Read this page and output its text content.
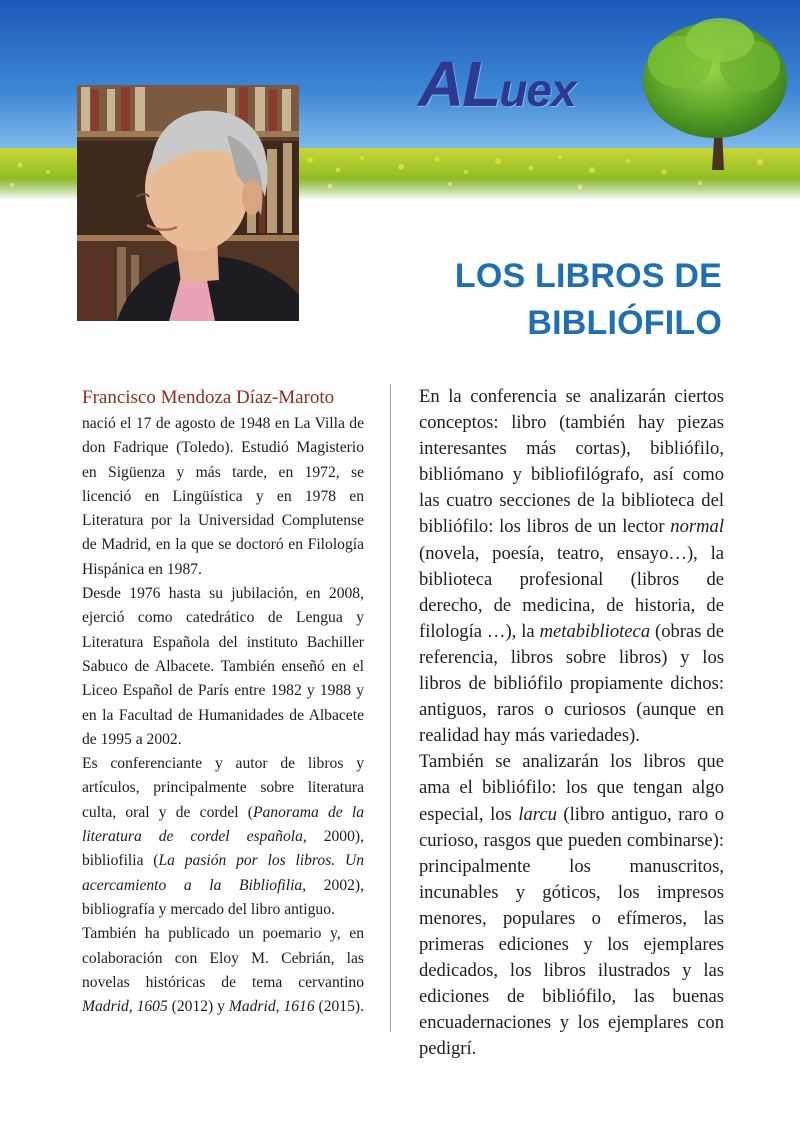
ALuex
LOS LIBROS DE
BIBLIÓFILO
Francisco Mendoza Díaz-Maroto

nació el 17 de agosto de 1948 en La Villa de don Fadrique (Toledo). Estudió Magisterio en Sigüenza y más tarde, en 1972, se licenció en Lingüística y en 1978 en Literatura por la Universidad Complutense de Madrid, en la que se doctoró en Filología Hispánica en 1987.

Desde 1976 hasta su jubilación, en 2008, ejerció como catedrático de Lengua y Literatura Española del instituto Bachiller Sabuco de Albacete. También enseñó en el Liceo Español de París entre 1982 y 1988 y en la Facultad de Humanidades de Albacete de 1995 a 2002.

Es conferenciante y autor de libros y artículos, principalmente sobre literatura culta, oral y de cordel (Panorama de la literatura de cordel española, 2000), bibliofilia (La pasión por los libros. Un acercamiento a la Bibliofilia, 2002), bibliografía y mercado del libro antiguo.

También ha publicado un poemario y, en colaboración con Eloy M. Cebrián, las novelas históricas de tema cervantino Madrid, 1605 (2012) y Madrid, 1616 (2015).

En la conferencia se analizarán ciertos conceptos: libro (también hay piezas interesantes más cortas), bibliófilo, bibliómano y bibliofilógrafo, así como las cuatro secciones de la biblioteca del bibliófilo: los libros de un lector normal (novela, poesía, teatro, ensayo…), la biblioteca profesional (libros de derecho, de medicina, de historia, de filología …), la metabiblioteca (obras de referencia, libros sobre libros) y los libros de bibliófilo propiamente dichos: antiguos, raros o curiosos (aunque en realidad hay más variedades).

También se analizarán los libros que ama el bibliófilo: los que tengan algo especial, los larcu (libro antiguo, raro o curioso, rasgos que pueden combinarse): principalmente los manuscritos, incunables y góticos, los impresos menores, populares o efímeros, las primeras ediciones y los ejemplares dedicados, los libros ilustrados y las ediciones de bibliófilo, las buenas encuadernaciones y los ejemplares con pedigrí.
